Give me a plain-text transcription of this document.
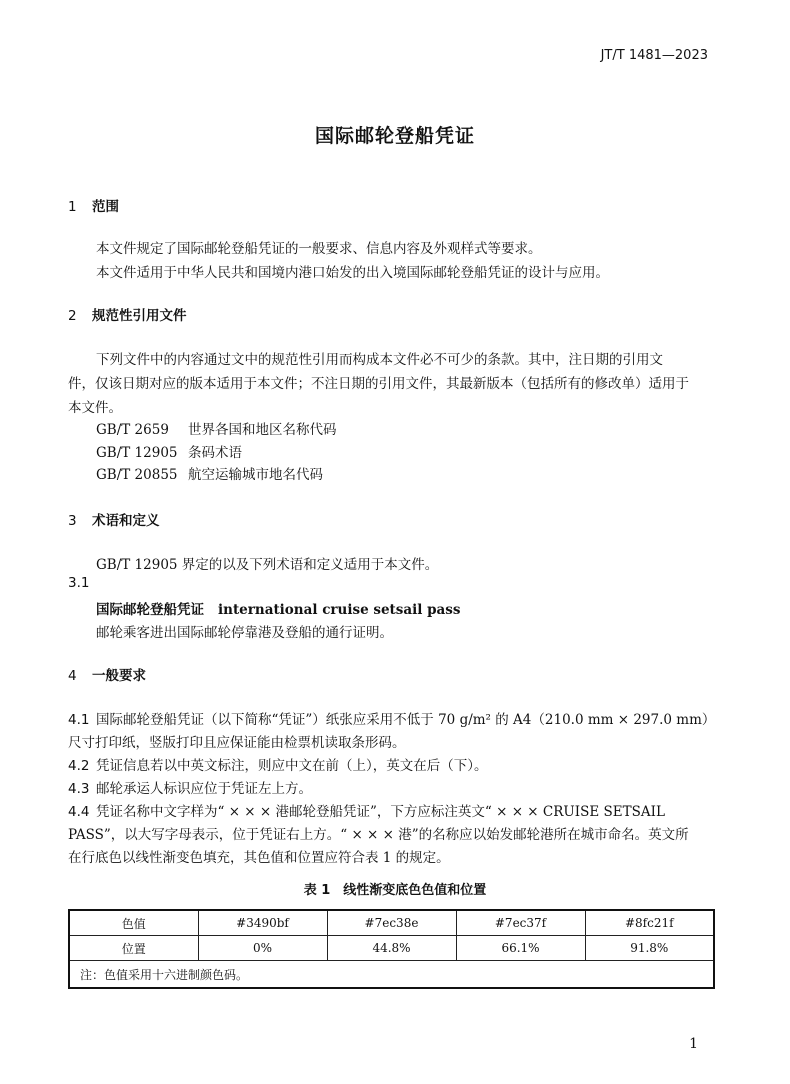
JT/T 1481—2023
国际邮轮登船凭证
1 范围
本文件规定了国际邮轮登船凭证的一般要求、信息内容及外观样式等要求。
本文件适用于中华人民共和国境内港口始发的出入境国际邮轮登船凭证的设计与应用。
2 规范性引用文件
下列文件中的内容通过文中的规范性引用而构成本文件必不可少的条款。其中，注日期的引用文
件，仅该日期对应的版本适用于本文件；不注日期的引用文件，其最新版本（包括所有的修改单）适用于
本文件。
GB/T 2659 世界各国和地区名称代码
GB/T 12905 条码术语
GB/T 20855 航空运输城市地名代码
3 术语和定义
GB/T 12905 界定的以及下列术语和定义适用于本文件。
3.1
国际邮轮登船凭证 international cruise setsail pass
邮轮乘客进出国际邮轮停靠港及登船的通行证明。
4 一般要求
4.1 国际邮轮登船凭证（以下简称“凭证”）纸张应采用不低于 70 g/m² 的 A4（210.0 mm × 297.0 mm）
尺寸打印纸，竖版打印且应保证能由检票机读取条形码。
4.2 凭证信息若以中英文标注，则应中文在前（上），英文在后（下）。
4.3 邮轮承运人标识应位于凭证左上方。
4.4 凭证名称中文字样为“ × × × 港邮轮登船凭证”，下方应标注英文“ × × × CRUISE SETSAIL
PASS”，以大写字母表示，位于凭证右上方。“ × × × 港”的名称应以始发邮轮港所在城市命名。英文所
在行底色以线性渐变色填充，其色值和位置应符合表 1 的规定。
表 1　线性渐变底色色值和位置
色值	#3490bf	#7ec38e	#7ec37f	#8fc21f
位置	0%	44.8%	66.1%	91.8%
注：色值采用十六进制颜色码。				
1
